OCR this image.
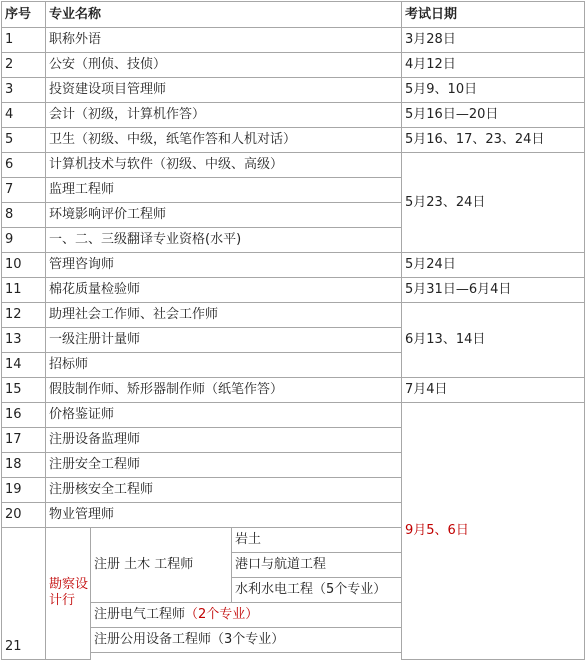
序号	专业名称			考试日期
1	职称外语			3月28日
2	公安（刑侦、技侦）			4月12日
3	投资建设项目管理师			5月9、10日
4	会计（初级，计算机作答）			5月16日—20日
5	卫生（初级、中级，纸笔作答和人机对话）			5月16、17、23、24日
6	计算机技术与软件（初级、中级、高级）			5月23、24日
7	监理工程师			
8	环境影响评价工程师			
9	一、二、三级翻译专业资格(水平)			
10	管理咨询师			5月24日
11	棉花质量检验师			5月31日—6月4日
12	助理社会工作师、社会工作师			6月13、14日
13	一级注册计量师			
14	招标师			
15	假肢制作师、矫形器制作师（纸笔作答）			7月4日
16	价格鉴证师			9月5、6日
17	注册设备监理师			
18	注册安全工程师			
19	注册核安全工程师			
20	物业管理师			
21	勘察设计行	注册 土木 工程师	岩土	
			港口与航道工程	
			水利水电工程（5个专业）	
		注册电气工程师（2个专业）		
		注册公用设备工程师（3个专业）		
